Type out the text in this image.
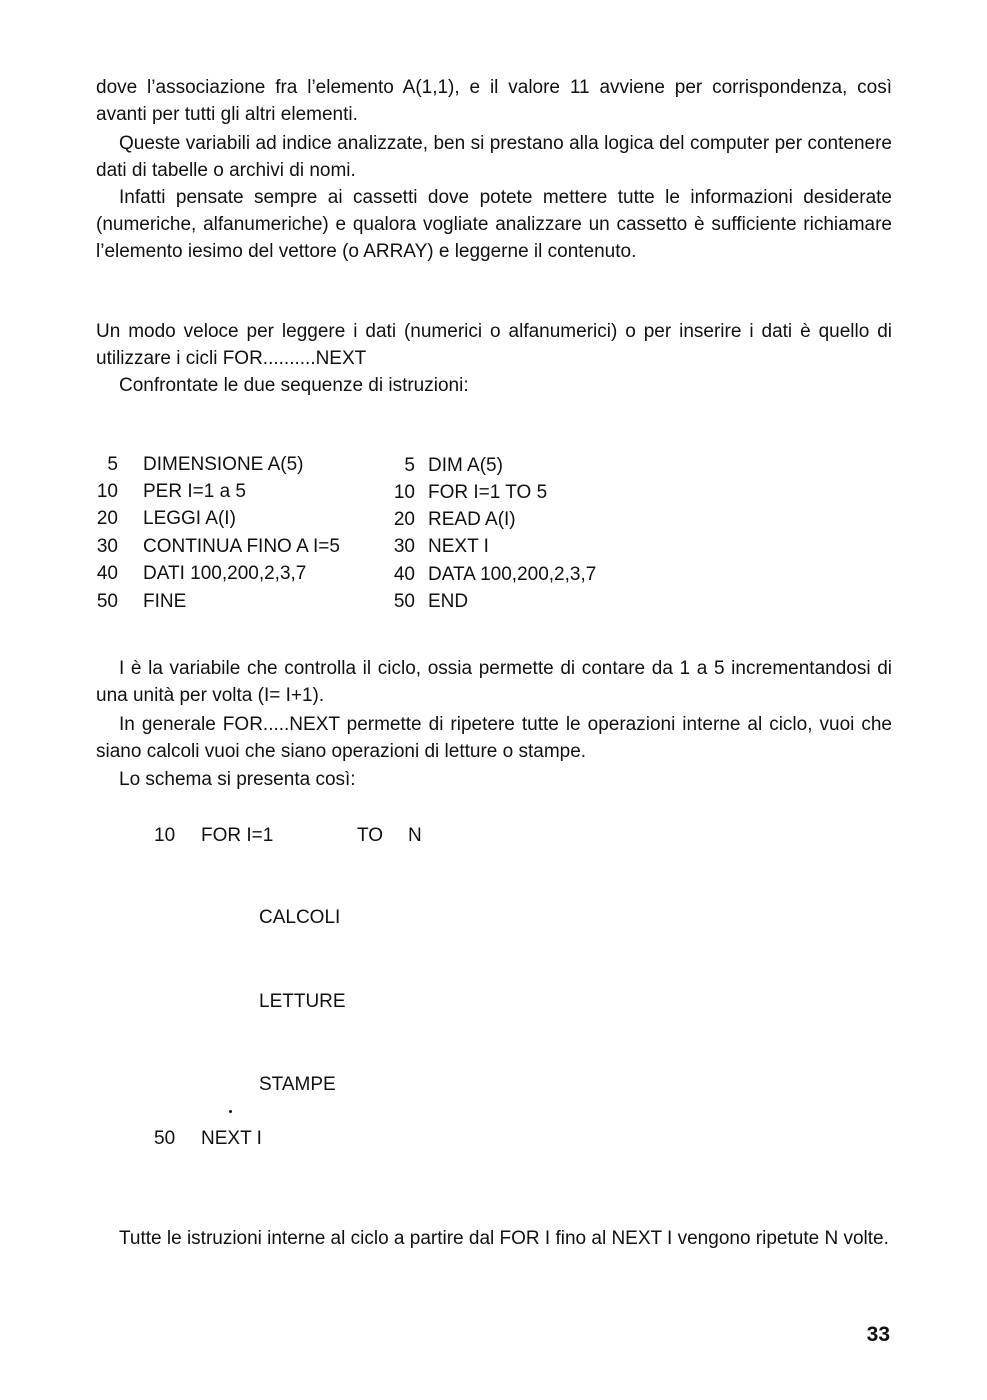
dove l’associazione fra l’elemento A(1,1), e il valore 11 avviene per corrispondenza, così avanti per tutti gli altri elementi.

Queste variabili ad indice analizzate, ben si prestano alla logica del computer per contenere dati di tabelle o archivi di nomi.

Infatti pensate sempre ai cassetti dove potete mettere tutte le informazioni desiderate (numeriche, alfanumeriche) e qualora vogliate analizzare un cassetto è sufficiente richiamare l’elemento iesimo del vettore (o ARRAY) e leggerne il contenuto.

Un modo veloce per leggere i dati (numerici o alfanumerici) o per inserire i dati è quello di utilizzare i cicli FOR..........NEXT

Confrontate le due sequenze di istruzioni:

5 DIMENSIONE A(5)
10 PER I=1 a 5
20 LEGGI A(I)
30 CONTINUA FINO A I=5
40 DATI 100,200,2,3,7
50 FINE
5 DIM A(5)
10 FOR I=1 TO 5
20 READ A(I)
30 NEXT I
40 DATA 100,200,2,3,7
50 END

I è la variabile che controlla il ciclo, ossia permette di contare da 1 a 5 incrementandosi di una unità per volta (I= I+1).

In generale FOR.....NEXT permette di ripetere tutte le operazioni interne al ciclo, vuoi che siano calcoli vuoi che siano operazioni di letture o stampe.

Lo schema si presenta così:

10 FOR I=1	TO N
CALCOLI
LETTURE
STAMPE
50 NEXT I

Tutte le istruzioni interne al ciclo a partire dal FOR I fino al NEXT I vengono ripetute N volte.

33
